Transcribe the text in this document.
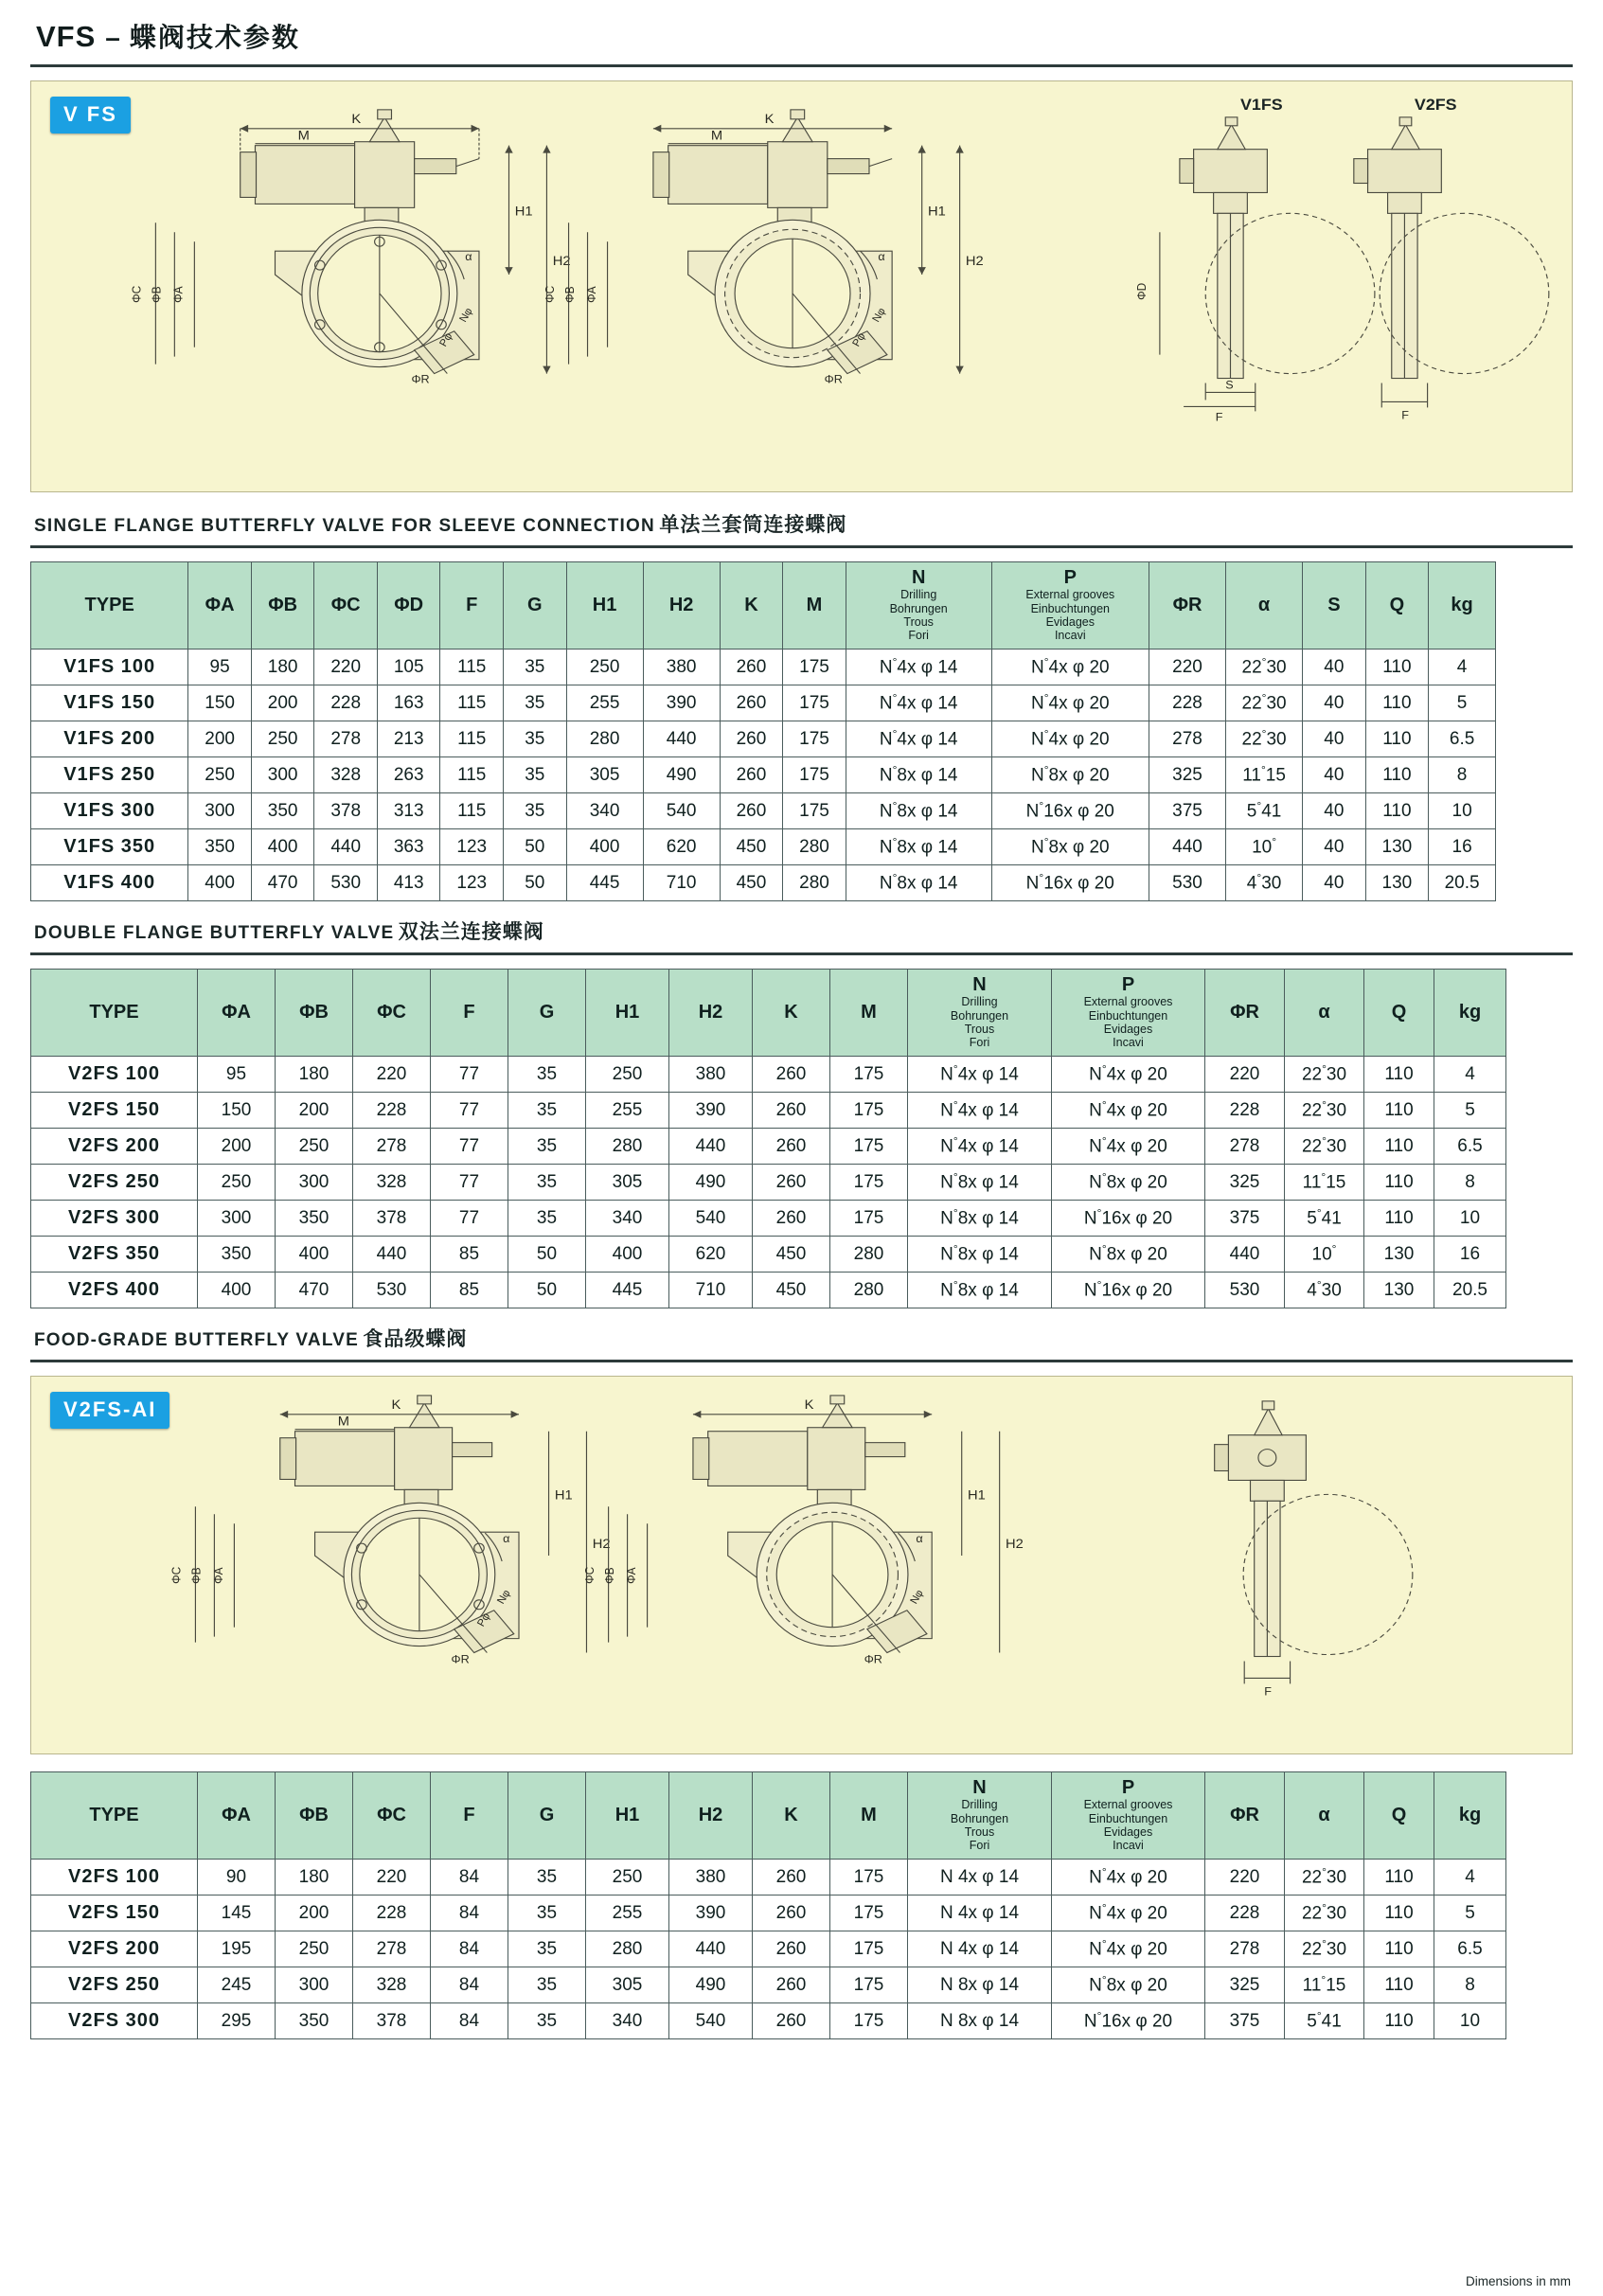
VFS – 蝶阀技术参数
V FS	K
M
H1
H2
ΦC ΦB ΦA
α
Nφ
Pφ
ΦR
K
M
H1
H2
ΦC ΦB ΦA
α
Nφ
Pφ
ΦR
ΦD
S
F	F
V1FS	V2FS
SINGLE FLANGE BUTTERFLY VALVE FOR SLEEVE CONNECTION 单法兰套筒连接蝶阀
TYPE	ΦA	ΦB	ΦC	ΦD	F	G	H1	H2	K	M	N
Drilling
Bohrungen
Trous
Fori	P
External grooves
Einbuchtungen
Evidages
Incavi	ΦR	α	S	Q	kg
V1FS 100	95	180	220	105	115	35	250	380	260	175	N°4x φ 14	N°4x φ 20	220	22°30	40	110	4
V1FS 150	150	200	228	163	115	35	255	390	260	175	N°4x φ 14	N°4x φ 20	228	22°30	40	110	5
V1FS 200	200	250	278	213	115	35	280	440	260	175	N°4x φ 14	N°4x φ 20	278	22°30	40	110	6.5
V1FS 250	250	300	328	263	115	35	305	490	260	175	N°8x φ 14	N°8x φ 20	325	11°15	40	110	8
V1FS 300	300	350	378	313	115	35	340	540	260	175	N°8x φ 14	N°16x φ 20	375	5°41	40	110	10
V1FS 350	350	400	440	363	123	50	400	620	450	280	N°8x φ 14	N°8x φ 20	440	10°	40	130	16
V1FS 400	400	470	530	413	123	50	445	710	450	280	N°8x φ 14	N°16x φ 20	530	4°30	40	130	20.5
DOUBLE FLANGE BUTTERFLY VALVE 双法兰连接蝶阀
TYPE	ΦA	ΦB	ΦC	F	G	H1	H2	K	M	N
Drilling
Bohrungen
Trous
Fori	P
External grooves
Einbuchtungen
Evidages
Incavi	ΦR	α	Q	kg
V2FS 100	95	180	220	77	35	250	380	260	175	N°4x φ 14	N°4x φ 20	220	22°30	110	4
V2FS 150	150	200	228	77	35	255	390	260	175	N°4x φ 14	N°4x φ 20	228	22°30	110	5
V2FS 200	200	250	278	77	35	280	440	260	175	N°4x φ 14	N°4x φ 20	278	22°30	110	6.5
V2FS 250	250	300	328	77	35	305	490	260	175	N°8x φ 14	N°8x φ 20	325	11°15	110	8
V2FS 300	300	350	378	77	35	340	540	260	175	N°8x φ 14	N°16x φ 20	375	5°41	110	10
V2FS 350	350	400	440	85	50	400	620	450	280	N°8x φ 14	N°8x φ 20	440	10°	130	16
V2FS 400	400	470	530	85	50	445	710	450	280	N°8x φ 14	N°16x φ 20	530	4°30	130	20.5
FOOD-GRADE BUTTERFLY VALVE 食品级蝶阀
V2FS-AI	K
M
H1
H2
ΦC ΦB ΦA
α
Nφ
Pφ
ΦR
K
H1
H2
ΦC ΦB ΦA
α
Nφ
ΦR
F
TYPE	ΦA	ΦB	ΦC	F	G	H1	H2	K	M	N
Drilling
Bohrungen
Trous
Fori	P
External grooves
Einbuchtungen
Evidages
Incavi	ΦR	α	Q	kg
V2FS 100	90	180	220	84	35	250	380	260	175	N 4x φ 14	N°4x φ 20	220	22°30	110	4
V2FS 150	145	200	228	84	35	255	390	260	175	N 4x φ 14	N°4x φ 20	228	22°30	110	5
V2FS 200	195	250	278	84	35	280	440	260	175	N 4x φ 14	N°4x φ 20	278	22°30	110	6.5
V2FS 250	245	300	328	84	35	305	490	260	175	N 8x φ 14	N°8x φ 20	325	11°15	110	8
V2FS 300	295	350	378	84	35	340	540	260	175	N 8x φ 14	N°16x φ 20	375	5°41	110	10
Dimensions in mm
